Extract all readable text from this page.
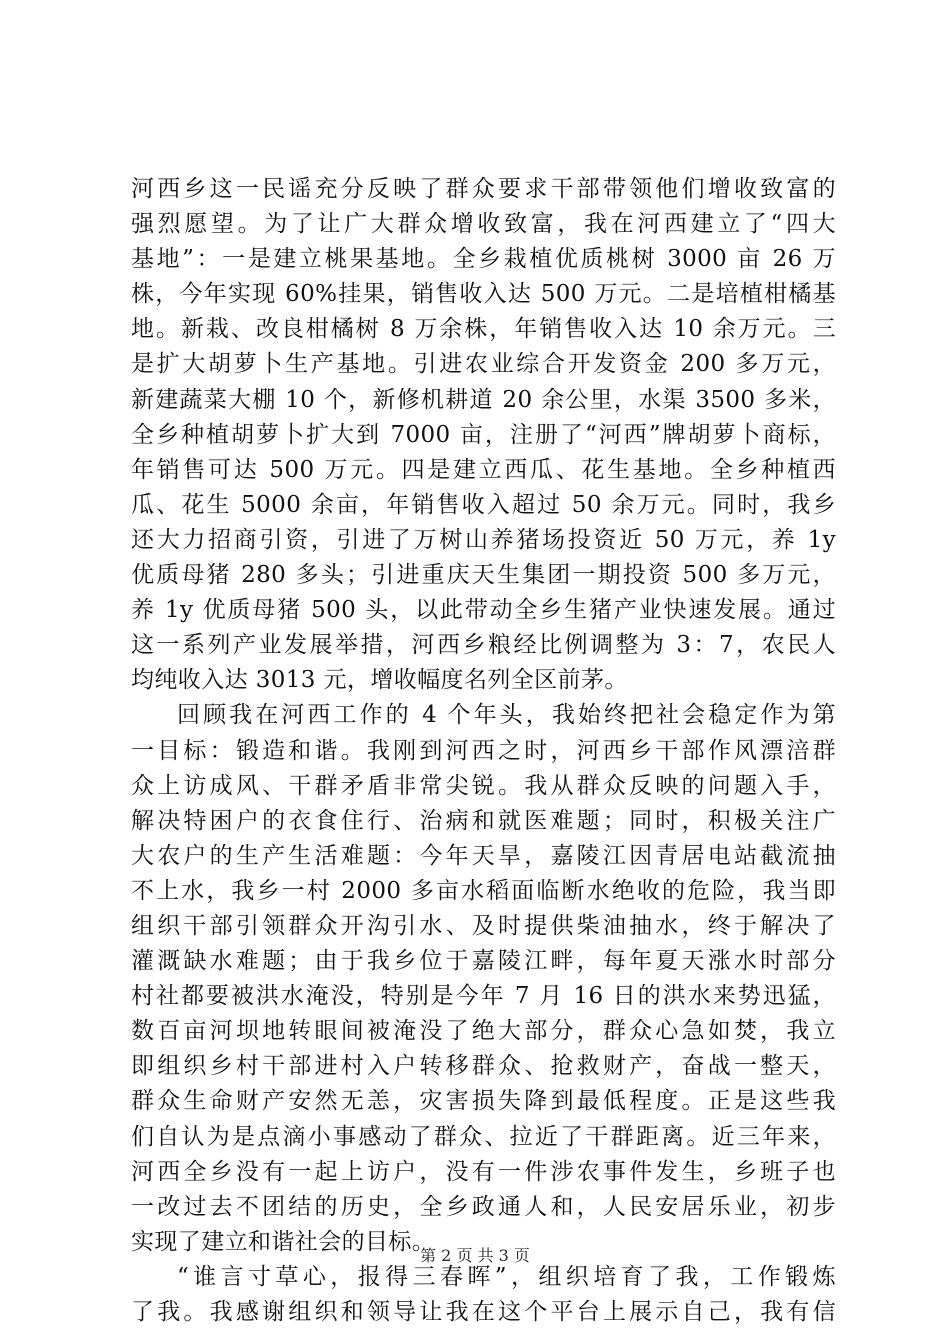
河西乡这一民谣充分反映了群众要求干部带领他们增收致富的
强烈愿望。为了让广大群众增收致富，我在河西建立了“四大
基地”：一是建立桃果基地。全乡栽植优质桃树 3000 亩 26 万
株，今年实现 60%挂果，销售收入达 500 万元。二是培植柑橘基
地。新栽、改良柑橘树 8 万余株，年销售收入达 10 余万元。三
是扩大胡萝卜生产基地。引进农业综合开发资金 200 多万元，
新建蔬菜大棚 10 个，新修机耕道 20 余公里，水渠 3500 多米，
全乡种植胡萝卜扩大到 7000 亩，注册了“河西”牌胡萝卜商标，
年销售可达 500 万元。四是建立西瓜、花生基地。全乡种植西
瓜、花生 5000 余亩，年销售收入超过 50 余万元。同时，我乡
还大力招商引资，引进了万树山养猪场投资近 50 万元，养 1y
优质母猪 280 多头；引进重庆天生集团一期投资 500 多万元，
养 1y 优质母猪 500 头，以此带动全乡生猪产业快速发展。通过
这一系列产业发展举措，河西乡粮经比例调整为 3：7，农民人
均纯收入达 3013 元，增收幅度名列全区前茅。
回顾我在河西工作的 4 个年头，我始终把社会稳定作为第
一目标：锻造和谐。我刚到河西之时，河西乡干部作风漂涪群
众上访成风、干群矛盾非常尖锐。我从群众反映的问题入手，
解决特困户的衣食住行、治病和就医难题；同时，积极关注广
大农户的生产生活难题：今年天旱，嘉陵江因青居电站截流抽
不上水，我乡一村 2000 多亩水稻面临断水绝收的危险，我当即
组织干部引领群众开沟引水、及时提供柴油抽水，终于解决了
灌溉缺水难题；由于我乡位于嘉陵江畔，每年夏天涨水时部分
村社都要被洪水淹没，特别是今年 7 月 16 日的洪水来势迅猛，
数百亩河坝地转眼间被淹没了绝大部分，群众心急如焚，我立
即组织乡村干部进村入户转移群众、抢救财产，奋战一整天，
群众生命财产安然无恙，灾害损失降到最低程度。正是这些我
们自认为是点滴小事感动了群众、拉近了干群距离。近三年来，
河西全乡没有一起上访户，没有一件涉农事件发生，乡班子也
一改过去不团结的历史，全乡政通人和，人民安居乐业，初步
实现了建立和谐社会的目标。
“谁言寸草心，报得三春晖”，组织培育了我，工作锻炼
了我。我感谢组织和领导让我在这个平台上展示自己，我有信
第 2 页 共 3 页
